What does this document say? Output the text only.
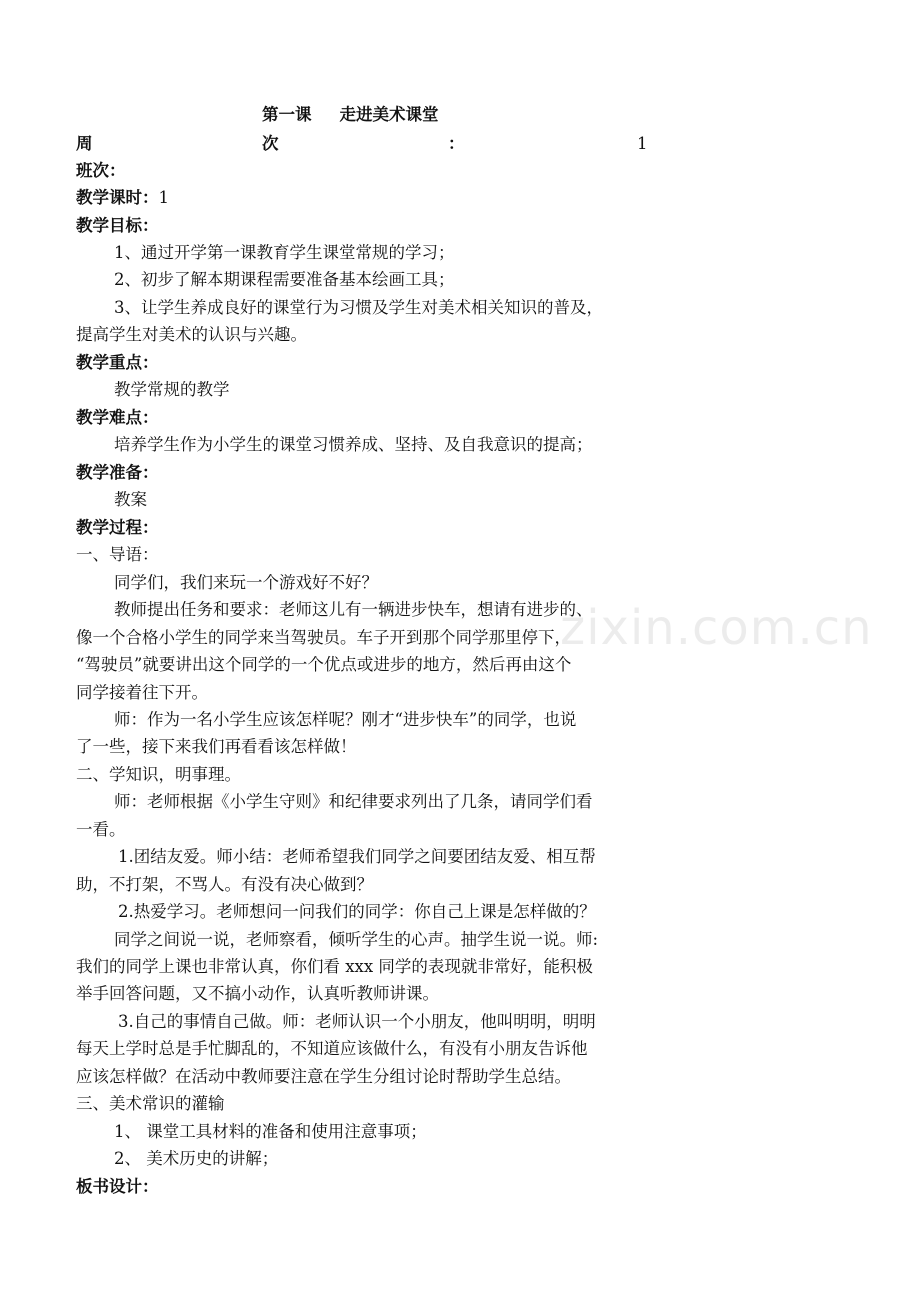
第一课 走进美术课堂
周	次	：	1
班次：
教学课时：1
教学目标：
1、通过开学第一课教育学生课堂常规的学习；
2、初步了解本期课程需要准备基本绘画工具；
3、让学生养成良好的课堂行为习惯及学生对美术相关知识的普及，
提高学生对美术的认识与兴趣。
教学重点：
教学常规的教学
教学难点：
培养学生作为小学生的课堂习惯养成、坚持、及自我意识的提高；
教学准备：
教案
教学过程：
一、导语：
同学们，我们来玩一个游戏好不好？
教师提出任务和要求：老师这儿有一辆进步快车，想请有进步的、
像一个合格小学生的同学来当驾驶员。车子开到那个同学那里停下，
“驾驶员”就要讲出这个同学的一个优点或进步的地方，然后再由这个
同学接着往下开。
师：作为一名小学生应该怎样呢？刚才“进步快车”的同学，也说
了一些，接下来我们再看看该怎样做！
二、学知识，明事理。
师：老师根据《小学生守则》和纪律要求列出了几条，请同学们看
一看。
1.团结友爱。师小结：老师希望我们同学之间要团结友爱、相互帮
助，不打架，不骂人。有没有决心做到？
2.热爱学习。老师想问一问我们的同学：你自己上课是怎样做的？
同学之间说一说，老师察看，倾听学生的心声。抽学生说一说。师:
我们的同学上课也非常认真，你们看 xxx 同学的表现就非常好，能积极
举手回答问题，又不搞小动作，认真听教师讲课。
3.自己的事情自己做。师：老师认识一个小朋友，他叫明明，明明
每天上学时总是手忙脚乱的，不知道应该做什么，有没有小朋友告诉他
应该怎样做？在活动中教师要注意在学生分组讨论时帮助学生总结。
三、美术常识的灌输
1、 课堂工具材料的准备和使用注意事项；
2、 美术历史的讲解；
板书设计：
zixin.com.cn
